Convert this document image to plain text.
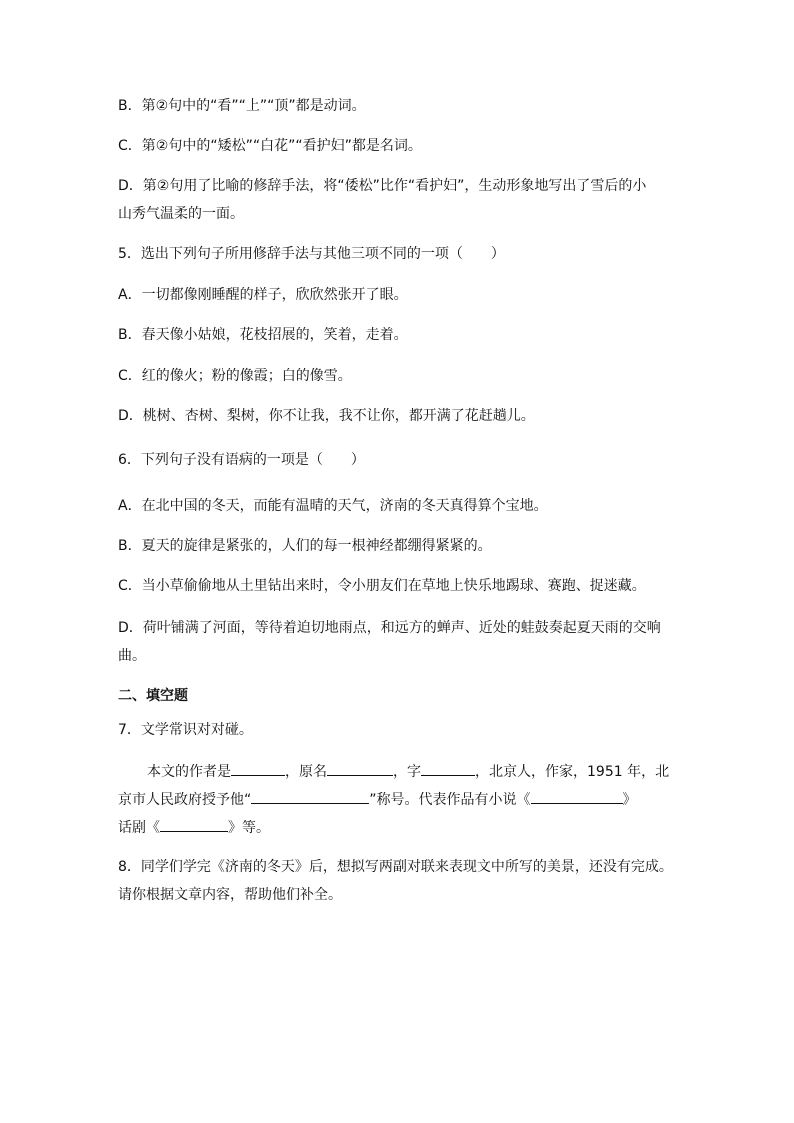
B．第②句中的“看”“上”“顶”都是动词。
C．第②句中的“矮松”“白花”“看护妇”都是名词。
D．第②句用了比喻的修辞手法，将“倭松”比作“看护妇”，生动形象地写出了雪后的小
山秀气温柔的一面。
5．选出下列句子所用修辞手法与其他三项不同的一项（　　）
A．一切都像刚睡醒的样子，欣欣然张开了眼。
B．春天像小姑娘，花枝招展的，笑着，走着。
C．红的像火；粉的像霞；白的像雪。
D．桃树、杏树、梨树，你不让我，我不让你，都开满了花赶趟儿。
6．下列句子没有语病的一项是（　　）
A．在北中国的冬天，而能有温晴的天气，济南的冬天真得算个宝地。
B．夏天的旋律是紧张的，人们的每一根神经都绷得紧紧的。
C．当小草偷偷地从土里钻出来时，令小朋友们在草地上快乐地踢球、赛跑、捉迷藏。
D．荷叶铺满了河面，等待着迫切地雨点，和远方的蝉声、近处的蛙鼓奏起夏天雨的交响
曲。
二、填空题
7．文学常识对对碰。
本文的作者是	，原名	，字	，北京人，作家，1951 年，北
京市人民政府授予他“	”称号。代表作品有小说《	》
话剧《	》等。
8．同学们学完《济南的冬天》后，想拟写两副对联来表现文中所写的美景，还没有完成。
请你根据文章内容，帮助他们补全。
